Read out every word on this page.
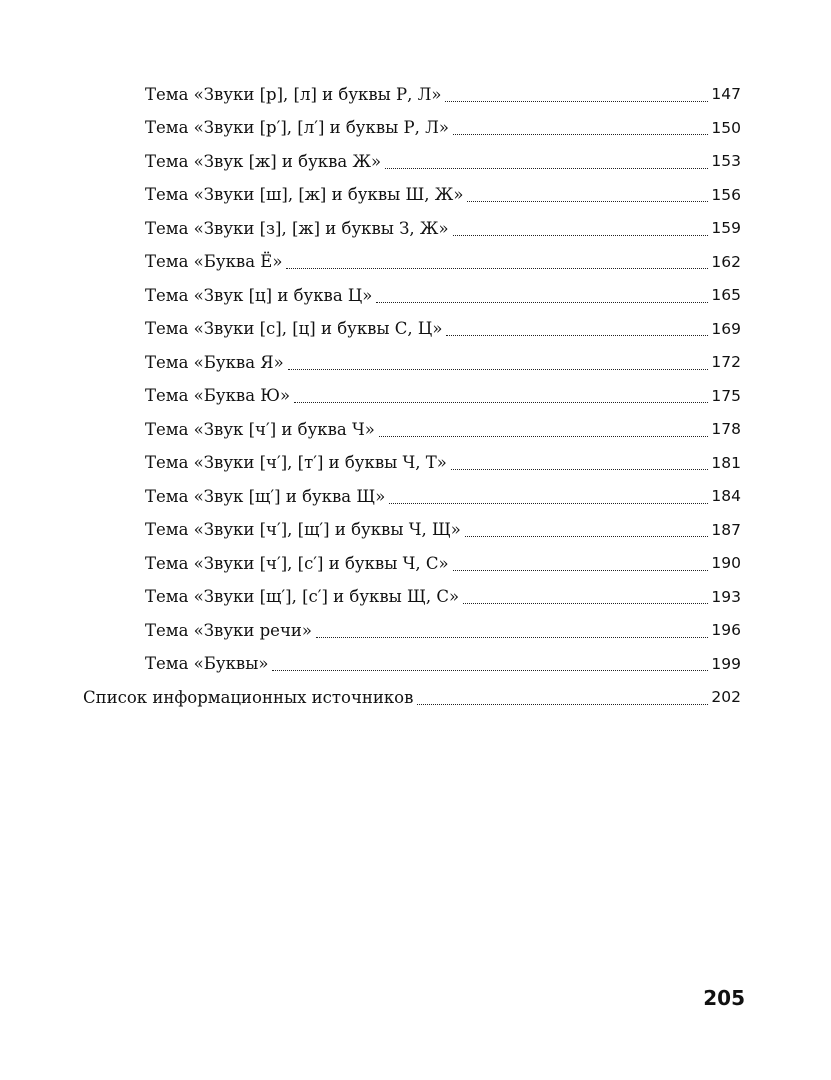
Тема «Звуки [р], [л] и буквы Р, Л»	147
Тема «Звуки [р′], [л′] и буквы Р, Л»	150
Тема «Звук [ж] и буква Ж»	153
Тема «Звуки [ш], [ж] и буквы Ш, Ж»	156
Тема «Звуки [з], [ж] и буквы З, Ж»	159
Тема «Буква Ё»	162
Тема «Звук [ц] и буква Ц»	165
Тема «Звуки [с], [ц] и буквы С, Ц»	169
Тема «Буква Я»	172
Тема «Буква Ю»	175
Тема «Звук [ч′] и буква Ч»	178
Тема «Звуки [ч′], [т′] и буквы Ч, Т»	181
Тема «Звук [щ′] и буква Щ»	184
Тема «Звуки [ч′], [щ′] и буквы Ч, Щ»	187
Тема «Звуки [ч′], [с′] и буквы Ч, С»	190
Тема «Звуки [щ′], [с′] и буквы Щ, С»	193
Тема «Звуки речи»	196
Тема «Буквы»	199
Список информационных источников	202
205
